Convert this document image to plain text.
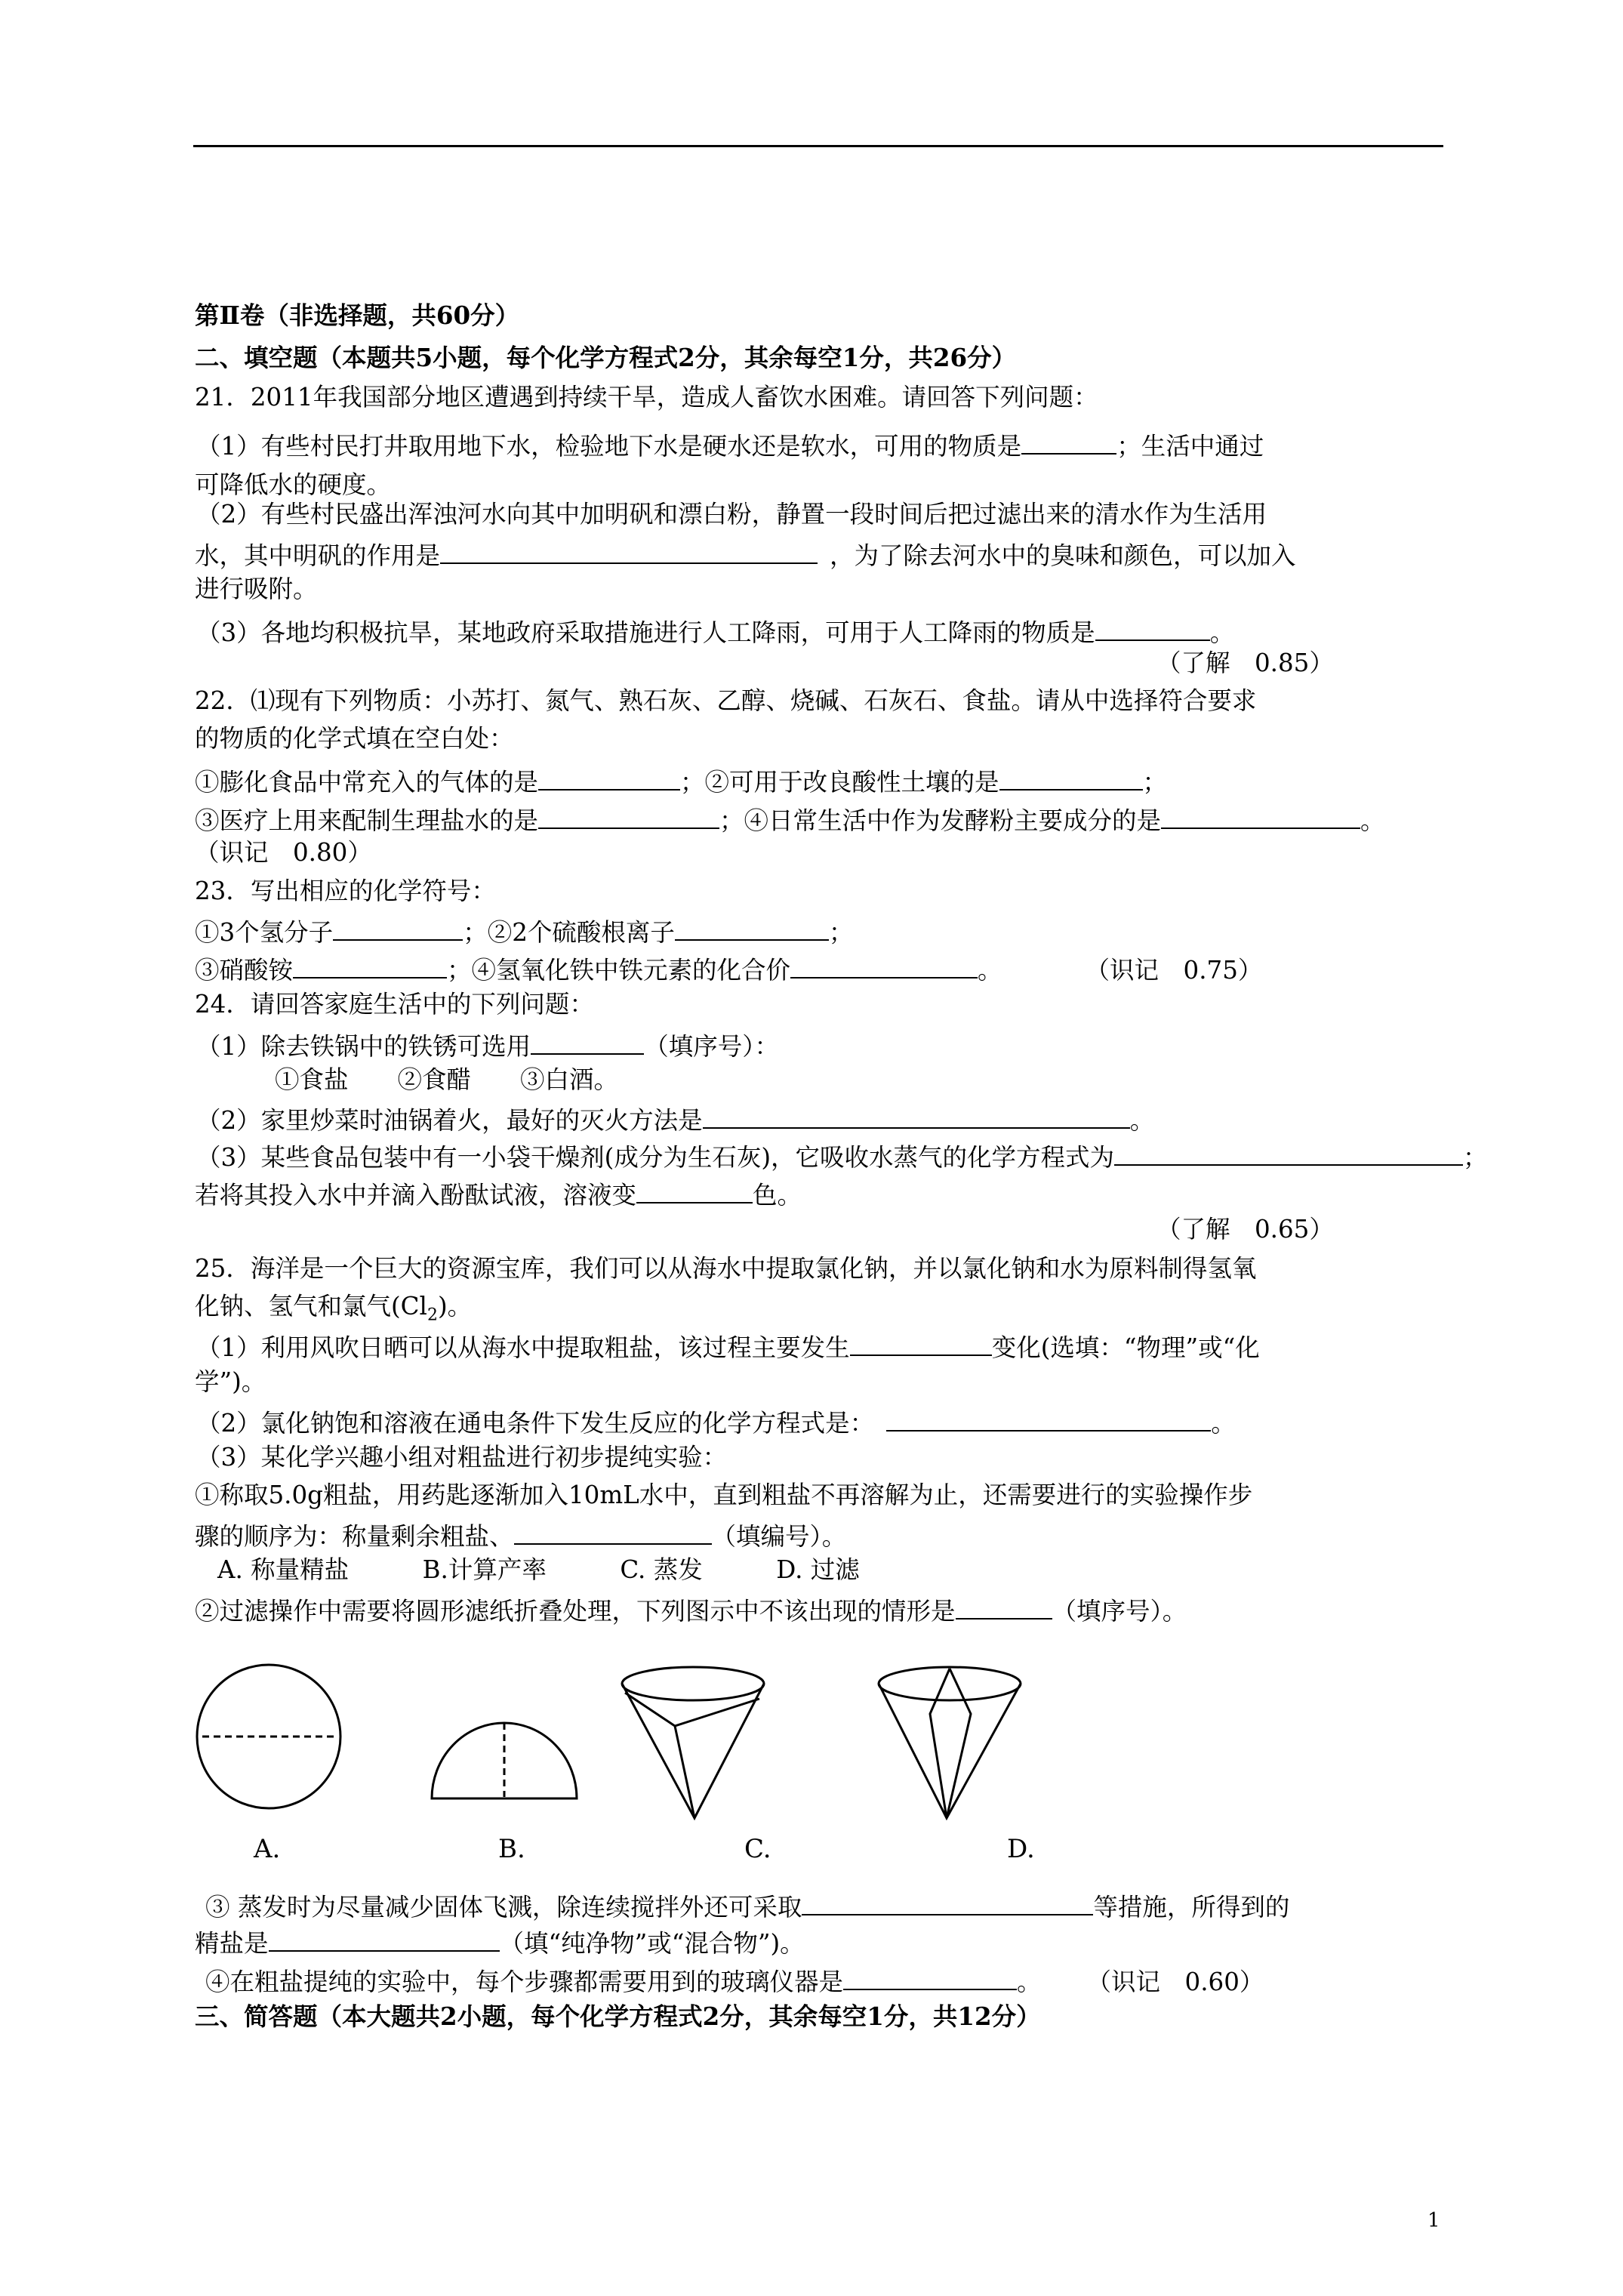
第Ⅱ卷（非选择题，共60分）
二、填空题（本题共5小题，每个化学方程式2分，其余每空1分，共26分）
21．2011年我国部分地区遭遇到持续干旱，造成人畜饮水困难。请回答下列问题：
（1）有些村民打井取用地下水，检验地下水是硬水还是软水，可用的物质是	；生活中通过
可降低水的硬度。
（2）有些村民盛出浑浊河水向其中加明矾和漂白粉，静置一段时间后把过滤出来的清水作为生活用
水，其中明矾的作用是	，为了除去河水中的臭味和颜色，可以加入
进行吸附。
（3）各地均积极抗旱，某地政府采取措施进行人工降雨，可用于人工降雨的物质是	。
（了解　0.85）
22．⑴现有下列物质：小苏打、氮气、熟石灰、乙醇、烧碱、石灰石、食盐。请从中选择符合要求
的物质的化学式填在空白处：
①膨化食品中常充入的气体的是	；②可用于改良酸性土壤的是	；
③医疗上用来配制生理盐水的是	；④日常生活中作为发酵粉主要成分的是	。
（识记　0.80）
23．写出相应的化学符号：
①3个氢分子	；②2个硫酸根离子	；
③硝酸铵	；④氢氧化铁中铁元素的化合价	。	（识记　0.75）
24．请回答家庭生活中的下列问题：
（1）除去铁锅中的铁锈可选用	（填序号）：
①食盐　　②食醋　　③白酒。
（2）家里炒菜时油锅着火，最好的灭火方法是	。
（3）某些食品包装中有一小袋干燥剂(成分为生石灰)，它吸收水蒸气的化学方程式为	；
若将其投入水中并滴入酚酞试液，溶液变	色。
（了解　0.65）
25．海洋是一个巨大的资源宝库，我们可以从海水中提取氯化钠，并以氯化钠和水为原料制得氢氧
化钠、氢气和氯气$(Cl_2)$。
（1）利用风吹日晒可以从海水中提取粗盐，该过程主要发生	变化(选填：“物理”或“化
学”)。
（2）氯化钠饱和溶液在通电条件下发生反应的化学方程式是：	。
（3）某化学兴趣小组对粗盐进行初步提纯实验：
①称取5.0g粗盐，用药匙逐渐加入10mL水中，直到粗盐不再溶解为止，还需要进行的实验操作步
骤的顺序为：称量剩余粗盐、	（填编号）。
A. 称量精盐　　　B.计算产率　　　C. 蒸发　　　D. 过滤
②过滤操作中需要将圆形滤纸折叠处理，下列图示中不该出现的情形是	（填序号）。
A.	B.	C.	D.
③ 蒸发时为尽量减少固体飞溅，除连续搅拌外还可采取	等措施，所得到的
精盐是	（填“纯净物”或“混合物”)。
④在粗盐提纯的实验中，每个步骤都需要用到的玻璃仪器是	。 （识记　0.60）
三、简答题（本大题共2小题，每个化学方程式2分，其余每空1分，共12分）
1
